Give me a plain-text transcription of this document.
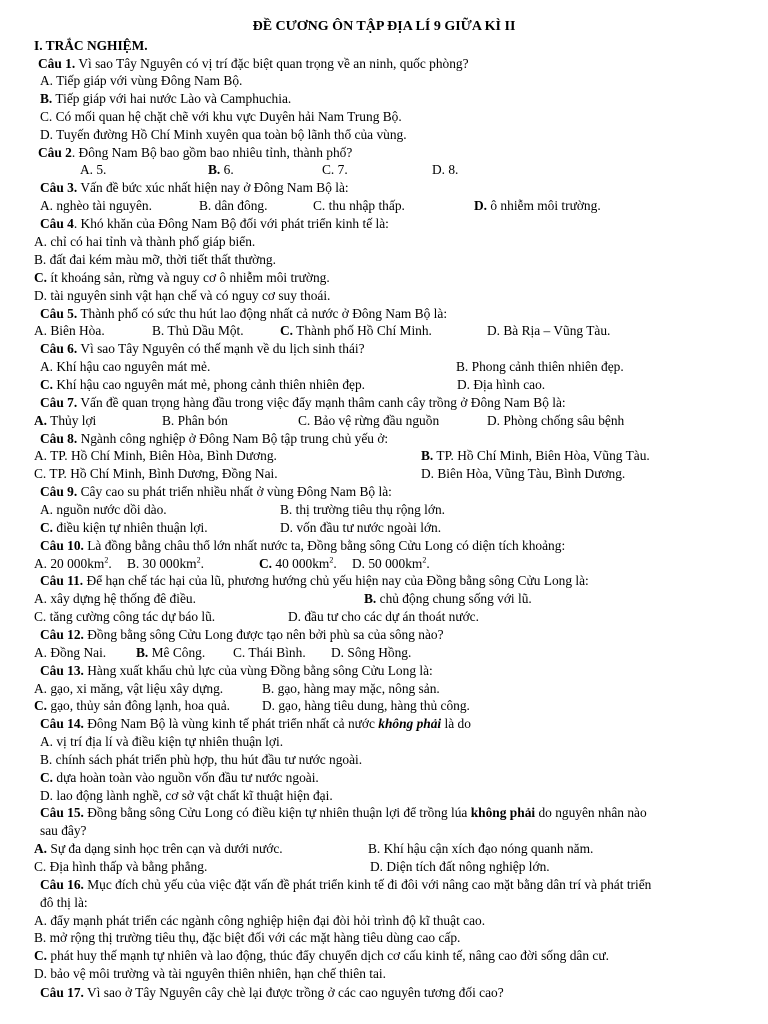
ĐỀ CƯƠNG ÔN TẬP ĐỊA LÍ 9 GIỮA KÌ II
I. TRẮC NGHIỆM.
Câu 1. Vì sao Tây Nguyên có vị trí đặc biệt quan trọng về an ninh, quốc phòng?
A. Tiếp giáp với vùng Đông Nam Bộ.
B. Tiếp giáp với hai nước Lào và Camphuchia.
C. Có mối quan hệ chặt chẽ với khu vực Duyên hải Nam Trung Bộ.
D. Tuyến đường Hồ Chí Minh xuyên qua toàn bộ lãnh thổ của vùng.
Câu 2. Đông Nam Bộ bao gồm bao nhiêu tỉnh, thành phố?
A. 5.	B. 6.	C. 7.	D. 8.
Câu 3. Vấn đề bức xúc nhất hiện nay ở Đông Nam Bộ là:
A. nghèo tài nguyên.	B. dân đông.	C. thu nhập thấp.	D. ô nhiễm môi trường.
Câu 4. Khó khăn của Đông Nam Bộ đối với phát triển kinh tế là:
A. chỉ có hai tỉnh và thành phố giáp biển.
B. đất đai kém màu mỡ, thời tiết thất thường.
C. ít khoáng sản, rừng và nguy cơ ô nhiễm môi trường.
D. tài nguyên sinh vật hạn chế và có nguy cơ suy thoái.
Câu 5. Thành phố có sức thu hút lao động nhất cả nước ở Đông Nam Bộ là:
A. Biên Hòa.	B. Thủ Dầu Một.	C. Thành phố Hồ Chí Minh.	D. Bà Rịa – Vũng Tàu.
Câu 6. Vì sao Tây Nguyên có thế mạnh về du lịch sinh thái?
A. Khí hậu cao nguyên mát mẻ.	B. Phong cảnh thiên nhiên đẹp.
C. Khí hậu cao nguyên mát mẻ, phong cảnh thiên nhiên đẹp.	D. Địa hình cao.
Câu 7. Vấn đề quan trọng hàng đầu trong việc đẩy mạnh thâm canh cây trồng ở Đông Nam Bộ là:
A. Thủy lợi	B. Phân bón	C. Bảo vệ rừng đầu nguồn	D. Phòng chống sâu bệnh
Câu 8. Ngành công nghiệp ở Đông Nam Bộ tập trung chủ yếu ở:
A. TP. Hồ Chí Minh, Biên Hòa, Bình Dương.	B. TP. Hồ Chí Minh, Biên Hòa, Vũng Tàu.
C. TP. Hồ Chí Minh, Bình Dương, Đồng Nai.	D. Biên Hòa, Vũng Tàu, Bình Dương.
Câu 9. Cây cao su phát triển nhiều nhất ở vùng Đông Nam Bộ là:
A. nguồn nước dồi dào.	B. thị trường tiêu thụ rộng lớn.
C. điều kiện tự nhiên thuận lợi.	D. vốn đầu tư nước ngoài lớn.
Câu 10. Là đồng bằng châu thổ lớn nhất nước ta, Đồng bằng sông Cửu Long có diện tích khoảng:
A. 20 $000km^2$. B. 30 $000km^2$.	C. 40 $000km^2$. D. 50 $000km^2$.
Câu 11. Để hạn chế tác hại của lũ, phương hướng chủ yếu hiện nay của Đồng bằng sông Cửu Long là:
A. xây dựng hệ thống đê điều.	B. chủ động chung sống với lũ.
C. tăng cường công tác dự báo lũ.	D. đầu tư cho các dự án thoát nước.
Câu 12. Đồng bằng sông Cửu Long được tạo nên bởi phù sa của sông nào?
A. Đồng Nai. B. Mê Công. C. Thái Bình. D. Sông Hồng.
Câu 13. Hàng xuất khẩu chủ lực của vùng Đồng bằng sông Cửu Long là:
A. gạo, xi măng, vật liệu xây dựng.	B. gạo, hàng may mặc, nông sản.
C. gạo, thủy sản đông lạnh, hoa quả. D. gạo, hàng tiêu dung, hàng thủ công.
Câu 14. Đông Nam Bộ là vùng kinh tế phát triển nhất cả nước không phải là do
A. vị trí địa lí và điều kiện tự nhiên thuận lợi.
B. chính sách phát triển phù hợp, thu hút đầu tư nước ngoài.
C. dựa hoàn toàn vào nguồn vốn đầu tư nước ngoài.
D. lao động lành nghề, cơ sở vật chất kĩ thuật hiện đại.
Câu 15. Đồng bằng sông Cửu Long có điều kiện tự nhiên thuận lợi để trồng lúa không phải do nguyên nhân nào
sau đây?
A. Sự đa dạng sinh học trên cạn và dưới nước.	B. Khí hậu cận xích đạo nóng quanh năm.
C. Địa hình thấp và bằng phẳng.	D. Diện tích đất nông nghiệp lớn.
Câu 16. Mục đích chủ yếu của việc đặt vấn đề phát triển kinh tế đi đôi với nâng cao mặt bằng dân trí và phát triển
đô thị là:
A. đẩy mạnh phát triển các ngành công nghiệp hiện đại đòi hỏi trình độ kĩ thuật cao.
B. mở rộng thị trường tiêu thụ, đặc biệt đối với các mặt hàng tiêu dùng cao cấp.
C. phát huy thế mạnh tự nhiên và lao động, thúc đẩy chuyển dịch cơ cấu kinh tế, nâng cao đời sống dân cư.
D. bảo vệ môi trường và tài nguyên thiên nhiên, hạn chế thiên tai.
Câu 17. Vì sao ở Tây Nguyên cây chè lại được trồng ở các cao nguyên tương đối cao?
